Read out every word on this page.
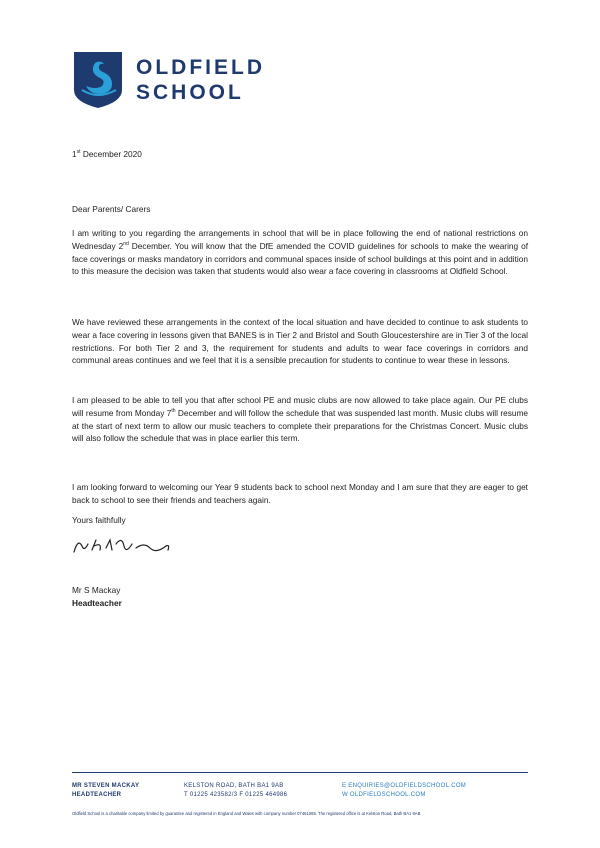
OLDFIELD
SCHOOL
1st December 2020
Dear Parents/ Carers

I am writing to you regarding the arrangements in school that will be in place following the end of national restrictions on Wednesday 2nd December. You will know that the DfE amended the COVID guidelines for schools to make the wearing of face coverings or masks mandatory in corridors and communal spaces inside of school buildings at this point and in addition to this measure the decision was taken that students would also wear a face covering in classrooms at Oldfield School.

We have reviewed these arrangements in the context of the local situation and have decided to continue to ask students to wear a face covering in lessons given that BANES is in Tier 2 and Bristol and South Gloucestershire are in Tier 3 of the local restrictions. For both Tier 2 and 3, the requirement for students and adults to wear face coverings in corridors and communal areas continues and we feel that it is a sensible precaution for students to continue to wear these in lessons.

I am pleased to be able to tell you that after school PE and music clubs are now allowed to take place again. Our PE clubs will resume from Monday 7th December and will follow the schedule that was suspended last month. Music clubs will resume at the start of next term to allow our music teachers to complete their preparations for the Christmas Concert. Music clubs will also follow the schedule that was in place earlier this term.

I am looking forward to welcoming our Year 9 students back to school next Monday and I am sure that they are eager to get back to school to see their friends and teachers again.

Yours faithfully
Mr S Mackay
Headteacher
MR STEVEN MACKAY
HEADTEACHER
KELSTON ROAD, BATH BA1 9AB
T 01225 423582/3 F 01225 464986
E ENQUIRIES@OLDFIELDSCHOOL.COM
W OLDFIELDSCHOOL.COM
Oldfield School is a charitable company limited by guarantee and registered in England and Wales with company number 07461065. The registered office is at Kelston Road, Bath BA1 9AB
